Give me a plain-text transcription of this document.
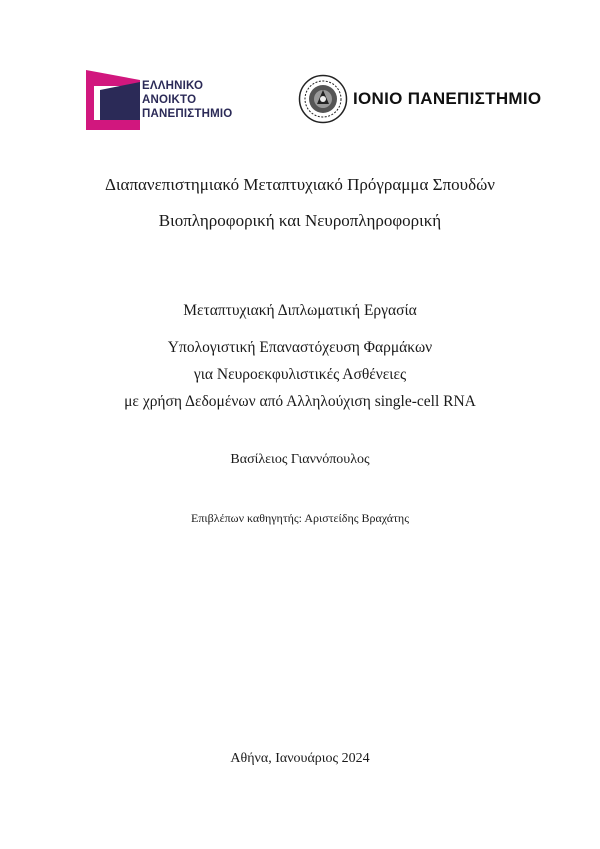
ΕΛΛΗΝΙΚΟ
ΑΝΟΙΚΤΟ
ΠΑΝΕΠΙΣΤΗΜΙΟ
ΙΟΝΙΟ ΠΑΝΕΠΙΣΤΗΜΙΟ
Διαπανεπιστημιακό Μεταπτυχιακό Πρόγραμμα Σπουδών
Βιοπληροφορική και Νευροπληροφορική
Μεταπτυχιακή Διπλωματική Εργασία
Υπολογιστική Επαναστόχευση Φαρμάκων
για Νευροεκφυλιστικές Ασθένειες
με χρήση Δεδομένων από Αλληλούχιση single-cell RNA
Βασίλειος Γιαννόπουλος
Επιβλέπων καθηγητής: Αριστείδης Βραχάτης
Αθήνα, Ιανουάριος 2024
